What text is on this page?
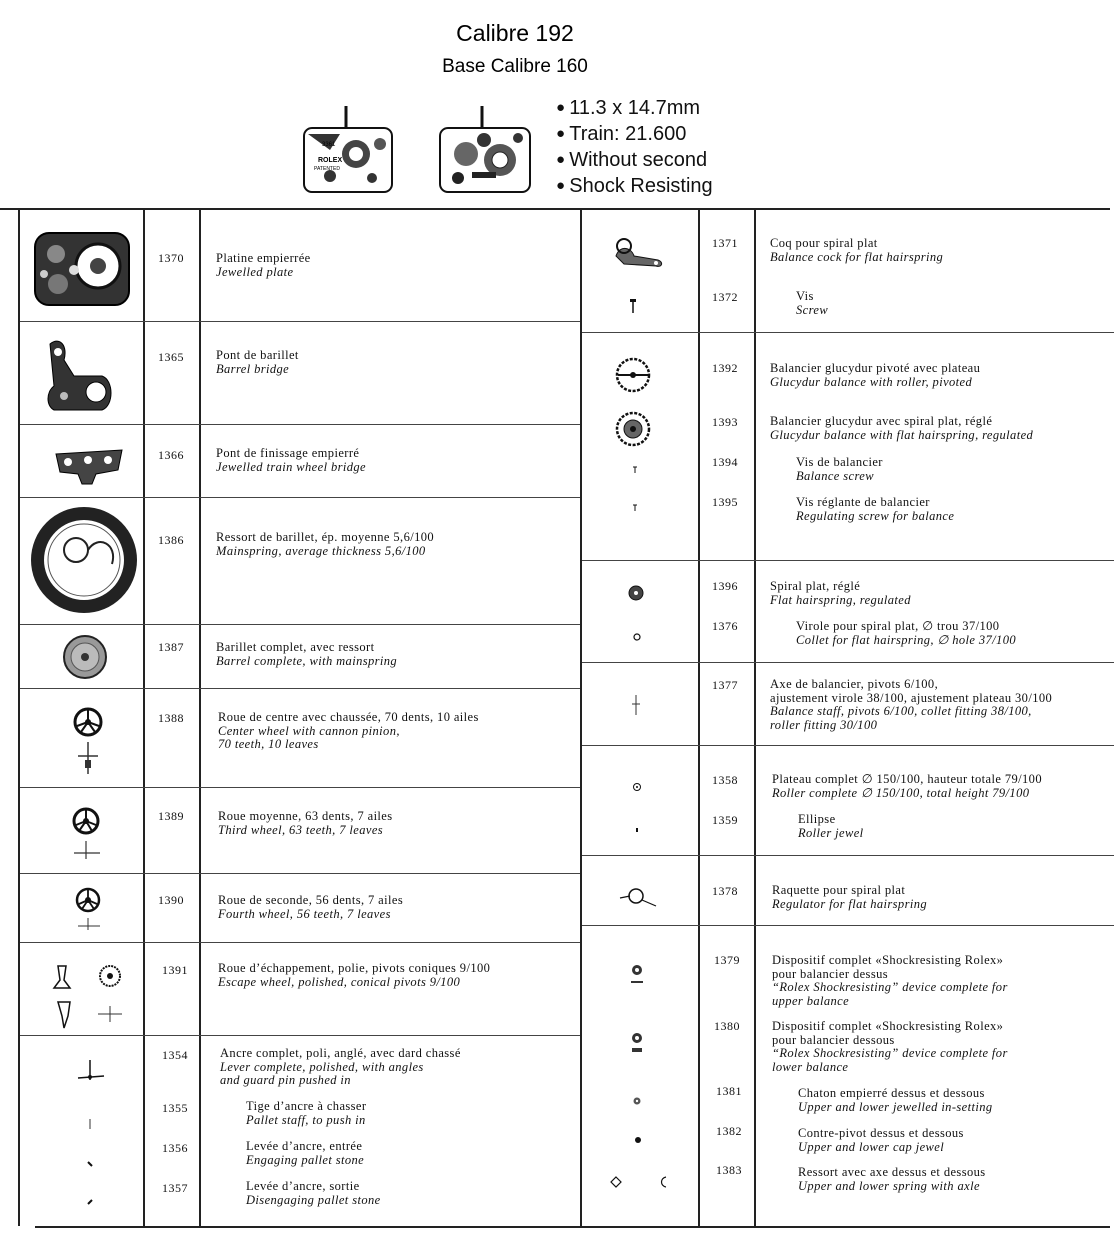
Calibre 192
Base Calibre 160
● 11.3 x 14.7mm
● Train: 21.600
● Without second
● Shock Resisting
3361
ROLEX
PATENTED
1370	Platine empierrée
Jewelled plate
1365	Pont de barillet
Barrel bridge
1366	Pont de finissage empierré
Jewelled train wheel bridge
1386	Ressort de barillet, ép. moyenne 5,6/100
Mainspring, average thickness 5,6/100
1387	Barillet complet, avec ressort
Barrel complete, with mainspring
1388	Roue de centre avec chaussée, 70 dents, 10 ailes
Center wheel with cannon pinion,
70 teeth, 10 leaves
1389	Roue moyenne, 63 dents, 7 ailes
Third wheel, 63 teeth, 7 leaves
1390	Roue de seconde, 56 dents, 7 ailes
Fourth wheel, 56 teeth, 7 leaves
1391 Roue d’échappement, polie, pivots coniques 9/100
Escape wheel, polished, conical pivots 9/100
1354	Ancre complet, poli, anglé, avec dard chassé
Lever complete, polished, with angles
and guard pin pushed in
1355	Tige d’ancre à chasser
Pallet staff, to push in
1356	Levée d’ancre, entrée
Engaging pallet stone
1357	Levée d’ancre, sortie
Disengaging pallet stone
1371	Coq pour spiral plat
Balance cock for flat hairspring
1372	Vis
Screw
1392	Balancier glucydur pivoté avec plateau
Glucydur balance with roller, pivoted
1393	Balancier glucydur avec spiral plat, réglé
Glucydur balance with flat hairspring, regulated
1394	Vis de balancier
Balance screw
1395	Vis réglante de balancier
Regulating screw for balance
1396	Spiral plat, réglé
Flat hairspring, regulated
1376	Virole pour spiral plat, ∅ trou 37/100
Collet for flat hairspring, ∅ hole 37/100
1377	Axe de balancier, pivots 6/100,
ajustement virole 38/100, ajustement plateau 30/100
Balance staff, pivots 6/100, collet fitting 38/100,
roller fitting 30/100
1358	Plateau complet ∅ 150/100, hauteur totale 79/100
Roller complete ∅ 150/100, total height 79/100
1359	Ellipse
Roller jewel
1378	Raquette pour spiral plat
Regulator for flat hairspring
1379	Dispositif complet «Shockresisting Rolex»
pour balancier dessus
“Rolex Shockresisting” device complete for
upper balance
1380	Dispositif complet «Shockresisting Rolex»
pour balancier dessous
“Rolex Shockresisting” device complete for
lower balance
1381	Chaton empierré dessus et dessous
Upper and lower jewelled in-setting
1382	Contre-pivot dessus et dessous
Upper and lower cap jewel
1383	Ressort avec axe dessus et dessous
Upper and lower spring with axle
